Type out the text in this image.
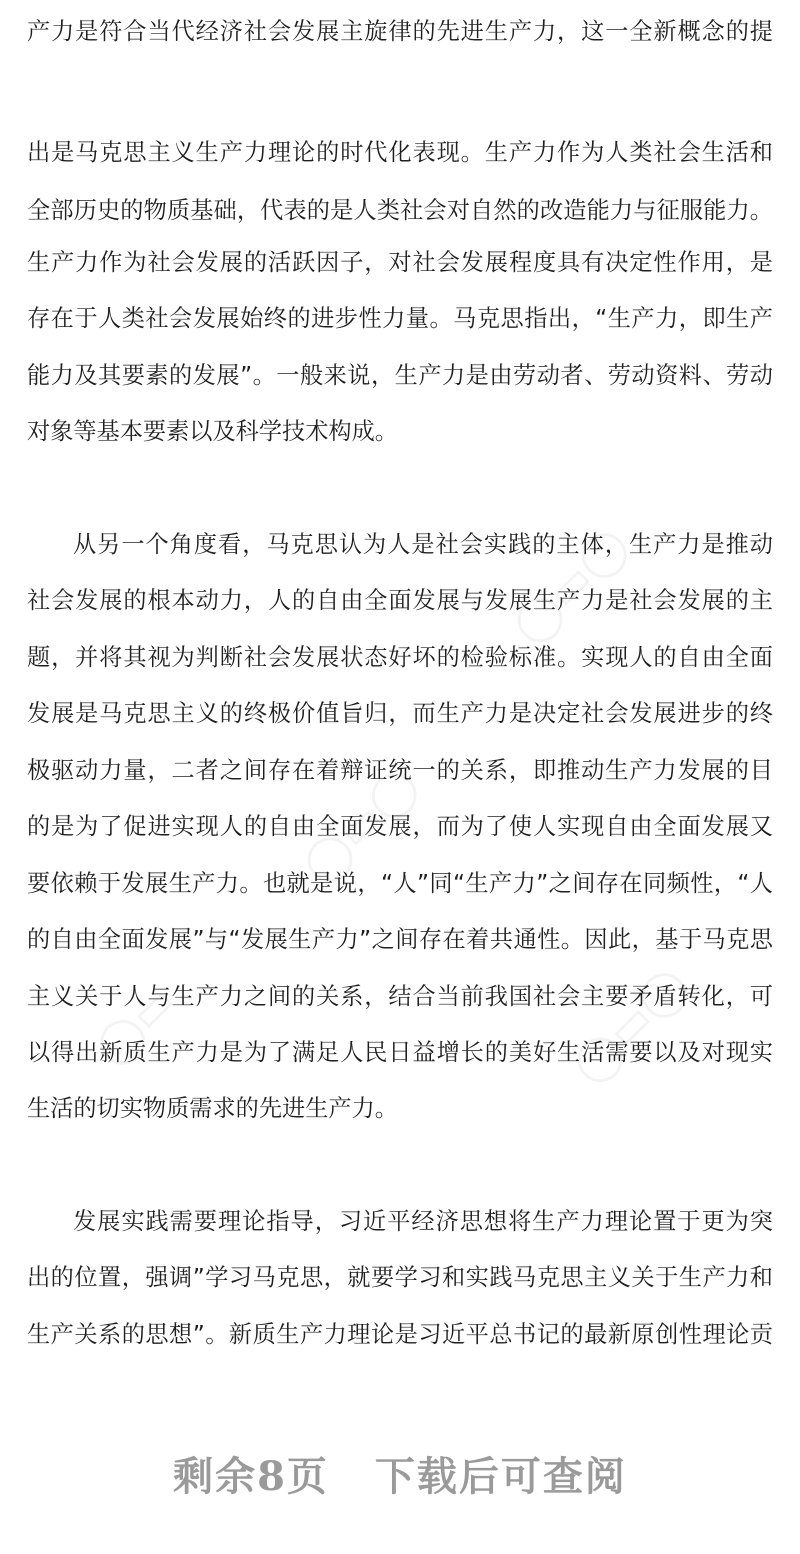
◯▭◯
◯▭◯
◯▭	◯▭◯
产力是符合当代经济社会发展主旋律的先进生产力，这一全新概念的提
出是马克思主义生产力理论的时代化表现。生产力作为人类社会生活和
全部历史的物质基础，代表的是人类社会对自然的改造能力与征服能力。
生产力作为社会发展的活跃因子，对社会发展程度具有决定性作用，是
存在于人类社会发展始终的进步性力量。马克思指出，“生产力，即生产
能力及其要素的发展”。一般来说，生产力是由劳动者、劳动资料、劳动
对象等基本要素以及科学技术构成。
从另一个角度看，马克思认为人是社会实践的主体，生产力是推动
社会发展的根本动力，人的自由全面发展与发展生产力是社会发展的主
题，并将其视为判断社会发展状态好坏的检验标准。实现人的自由全面
发展是马克思主义的终极价值旨归，而生产力是决定社会发展进步的终
极驱动力量，二者之间存在着辩证统一的关系，即推动生产力发展的目
的是为了促进实现人的自由全面发展，而为了使人实现自由全面发展又
要依赖于发展生产力。也就是说，“人”同“生产力”之间存在同频性，“人
的自由全面发展”与“发展生产力”之间存在着共通性。因此，基于马克思
主义关于人与生产力之间的关系，结合当前我国社会主要矛盾转化，可
以得出新质生产力是为了满足人民日益增长的美好生活需要以及对现实
生活的切实物质需求的先进生产力。
发展实践需要理论指导，习近平经济思想将生产力理论置于更为突
出的位置，强调”学习马克思，就要学习和实践马克思主义关于生产力和
生产关系的思想”。新质生产力理论是习近平总书记的最新原创性理论贡
剩余8页 下载后可查阅
